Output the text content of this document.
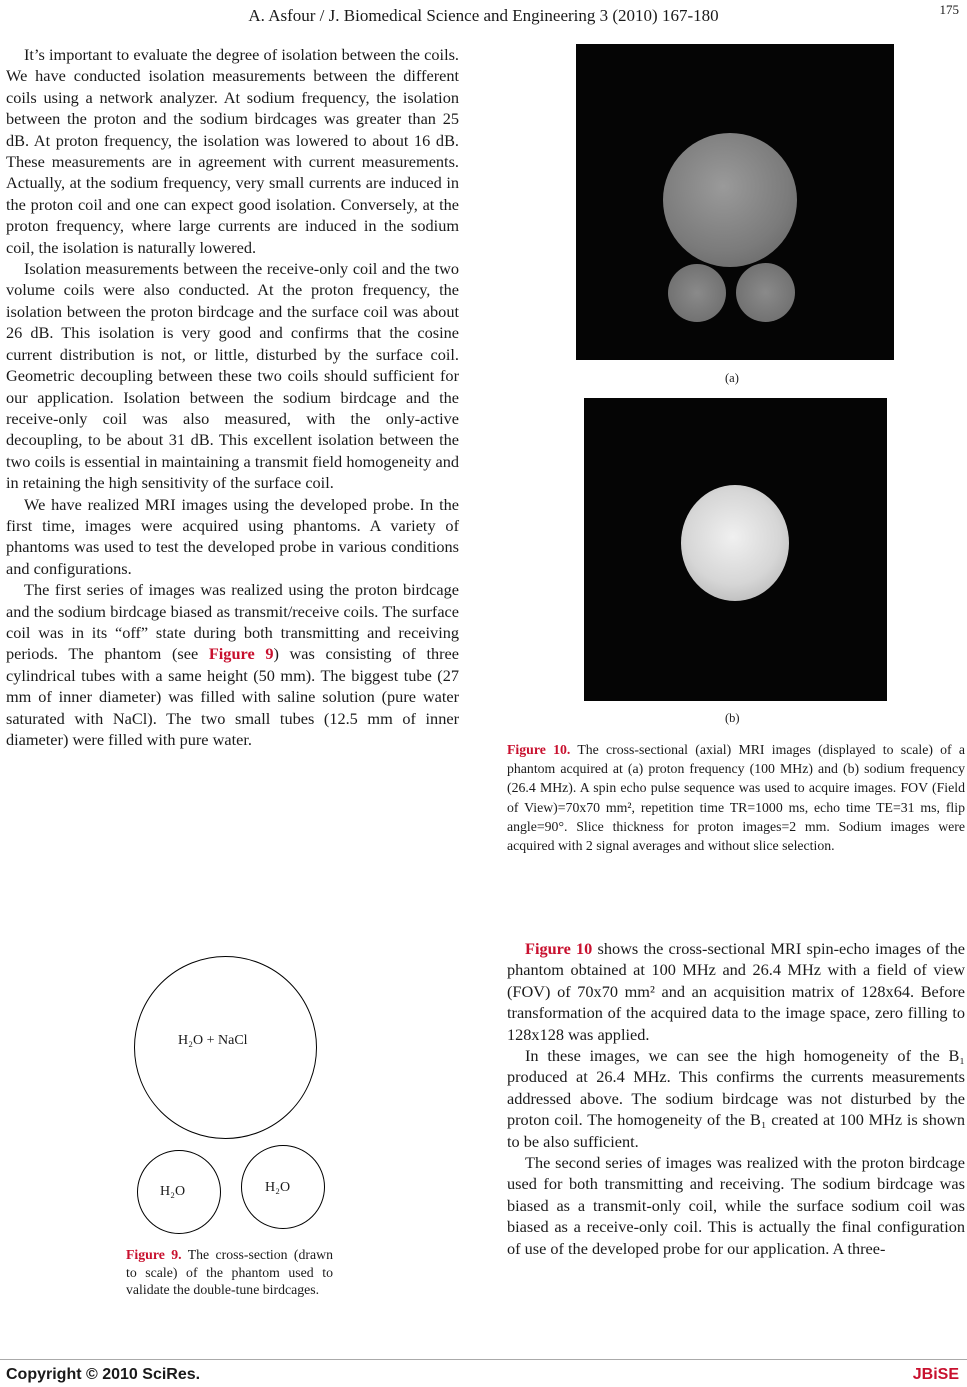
A. Asfour / J. Biomedical Science and Engineering 3 (2010) 167-180	175

It’s important to evaluate the degree of isolation between the coils. We have conducted isolation measurements between the different coils using a network analyzer. At sodium frequency, the isolation between the proton and the sodium birdcages was greater than 25 dB. At proton frequency, the isolation was lowered to about 16 dB. These measurements are in agreement with current measurements. Actually, at the sodium frequency, very small currents are induced in the proton coil and one can expect good isolation. Conversely, at the proton frequency, where large currents are induced in the sodium coil, the isolation is naturally lowered.

Isolation measurements between the receive-only coil and the two volume coils were also conducted. At the proton frequency, the isolation between the proton birdcage and the surface coil was about 26 dB. This isolation is very good and confirms that the cosine current distribution is not, or little, disturbed by the surface coil. Geometric decoupling between these two coils should sufficient for our application. Isolation between the sodium birdcage and the receive-only coil was also measured, with the only-active decoupling, to be about 31 dB. This excellent isolation between the two coils is essential in maintaining a transmit field homogeneity and in retaining the high sensitivity of the surface coil.

We have realized MRI images using the developed probe. In the first time, images were acquired using phantoms. A variety of phantoms was used to test the developed probe in various conditions and configurations.

The first series of images was realized using the proton birdcage and the sodium birdcage biased as transmit/receive coils. The surface coil was in its “off” state during both transmitting and receiving periods. The phantom (see Figure 9) was consisting of three cylindrical tubes with a same height (50 mm). The biggest tube (27 mm of inner diameter) was filled with saline solution (pure water saturated with NaCl). The two small tubes (12.5 mm of inner diameter) were filled with pure water.

(a)
(b)
Figure 10. The cross-sectional (axial) MRI images (displayed to scale) of a phantom acquired at (a) proton frequency (100 MHz) and (b) sodium frequency (26.4 MHz). A spin echo pulse sequence was used to acquire images. FOV (Field of View)=70x70 mm², repetition time TR=1000 ms, echo time TE=31 ms, flip angle=90°. Slice thickness for proton images=2 mm. Sodium images were acquired with 2 signal averages and without slice selection.

Figure 10 shows the cross-sectional MRI spin-echo images of the phantom obtained at 100 MHz and 26.4 MHz with a field of view (FOV) of 70x70 mm² and an acquisition matrix of 128x64. Before transformation of the acquired data to the image space, zero filling to 128x128 was applied.

In these images, we can see the high homogeneity of the B₁ produced at 26.4 MHz. This confirms the currents measurements addressed above. The sodium birdcage was not disturbed by the proton coil. The homogeneity of the B₁ created at 100 MHz is shown to be also sufficient.

The second series of images was realized with the proton birdcage used for both transmitting and receiving. The sodium birdcage was biased as a transmit-only coil, while the surface sodium coil was biased as a receive-only coil. This is actually the final configuration of use of the developed probe for our application. A three-

H₂O + NaCl
H₂O	H₂O
Figure 9. The cross-section (drawn to scale) of the phantom used to validate the double-tune birdcages.
Copyright © 2010 SciRes.	JBiSE
